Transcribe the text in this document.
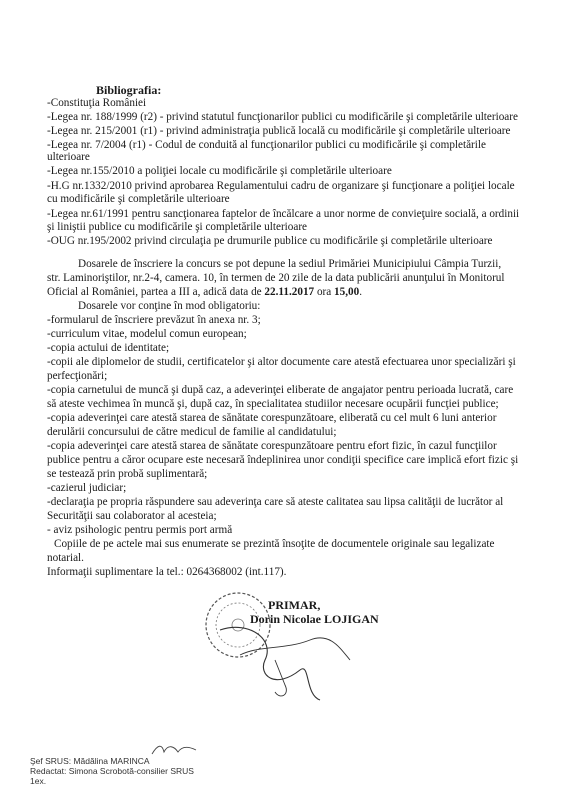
Bibliografia:
-Constituţia României
-Legea nr. 188/1999 (r2) - privind statutul funcţionarilor publici cu modificările şi completările ulterioare
-Legea nr. 215/2001 (r1) - privind administraţia publică locală cu modificările şi completările ulterioare
-Legea nr. 7/2004 (r1) - Codul de conduită al funcţionarilor publici cu modificările şi completările
ulterioare
-Legea nr.155/2010 a poliţiei locale cu modificările şi completările ulterioare
-H.G nr.1332/2010 privind aprobarea Regulamentului cadru de organizare şi funcţionare a poliţiei locale
cu modificările şi completările ulterioare
-Legea nr.61/1991 pentru sancţionarea faptelor de încălcare a unor norme de convieţuire socială, a ordinii
şi liniştii publice cu modificările şi completările ulterioare
-OUG nr.195/2002 privind circulaţia pe drumurile publice cu modificările şi completările ulterioare
Dosarele de înscriere la concurs se pot depune la sediul Primăriei Municipiului Câmpia Turzii,
str. Laminoriştilor, nr.2-4, camera. 10, în termen de 20 zile de la data publicării anunţului în Monitorul
Oficial al României, partea a III a, adică data de 22.11.2017 ora 15,00.
Dosarele vor conţine în mod obligatoriu:
-formularul de înscriere prevăzut în anexa nr. 3;
-curriculum vitae, modelul comun european;
-copia actului de identitate;
-copii ale diplomelor de studii, certificatelor şi altor documente care atestă efectuarea unor specializări şi
perfecţionări;
-copia carnetului de muncă şi după caz, a adeverinţei eliberate de angajator pentru perioada lucrată, care
să ateste vechimea în muncă şi, după caz, în specialitatea studiilor necesare ocupării funcţiei publice;
-copia adeverinţei care atestă starea de sănătate corespunzătoare, eliberată cu cel mult 6 luni anterior
derulării concursului de către medicul de familie al candidatului;
-copia adeverinţei care atestă starea de sănătate corespunzătoare pentru efort fizic, în cazul funcţiilor
publice pentru a căror ocupare este necesară îndeplinirea unor condiţii specifice care implică efort fizic şi
se testează prin probă suplimentară;
-cazierul judiciar;
-declaraţia pe propria răspundere sau adeverinţa care să ateste calitatea sau lipsa calităţii de lucrător al
Securităţii sau colaborator al acesteia;
- aviz psihologic pentru permis port armă
Copiile de pe actele mai sus enumerate se prezintă însoţite de documentele originale sau legalizate
notarial.
Informaţii suplimentare la tel.: 0264368002 (int.117).
PRIMAR,
Dorin Nicolae LOJIGAN
Şef SRUS: Mădălina MARINCA
Redactat: Simona Scrobotă-consilier SRUS
1ex.
